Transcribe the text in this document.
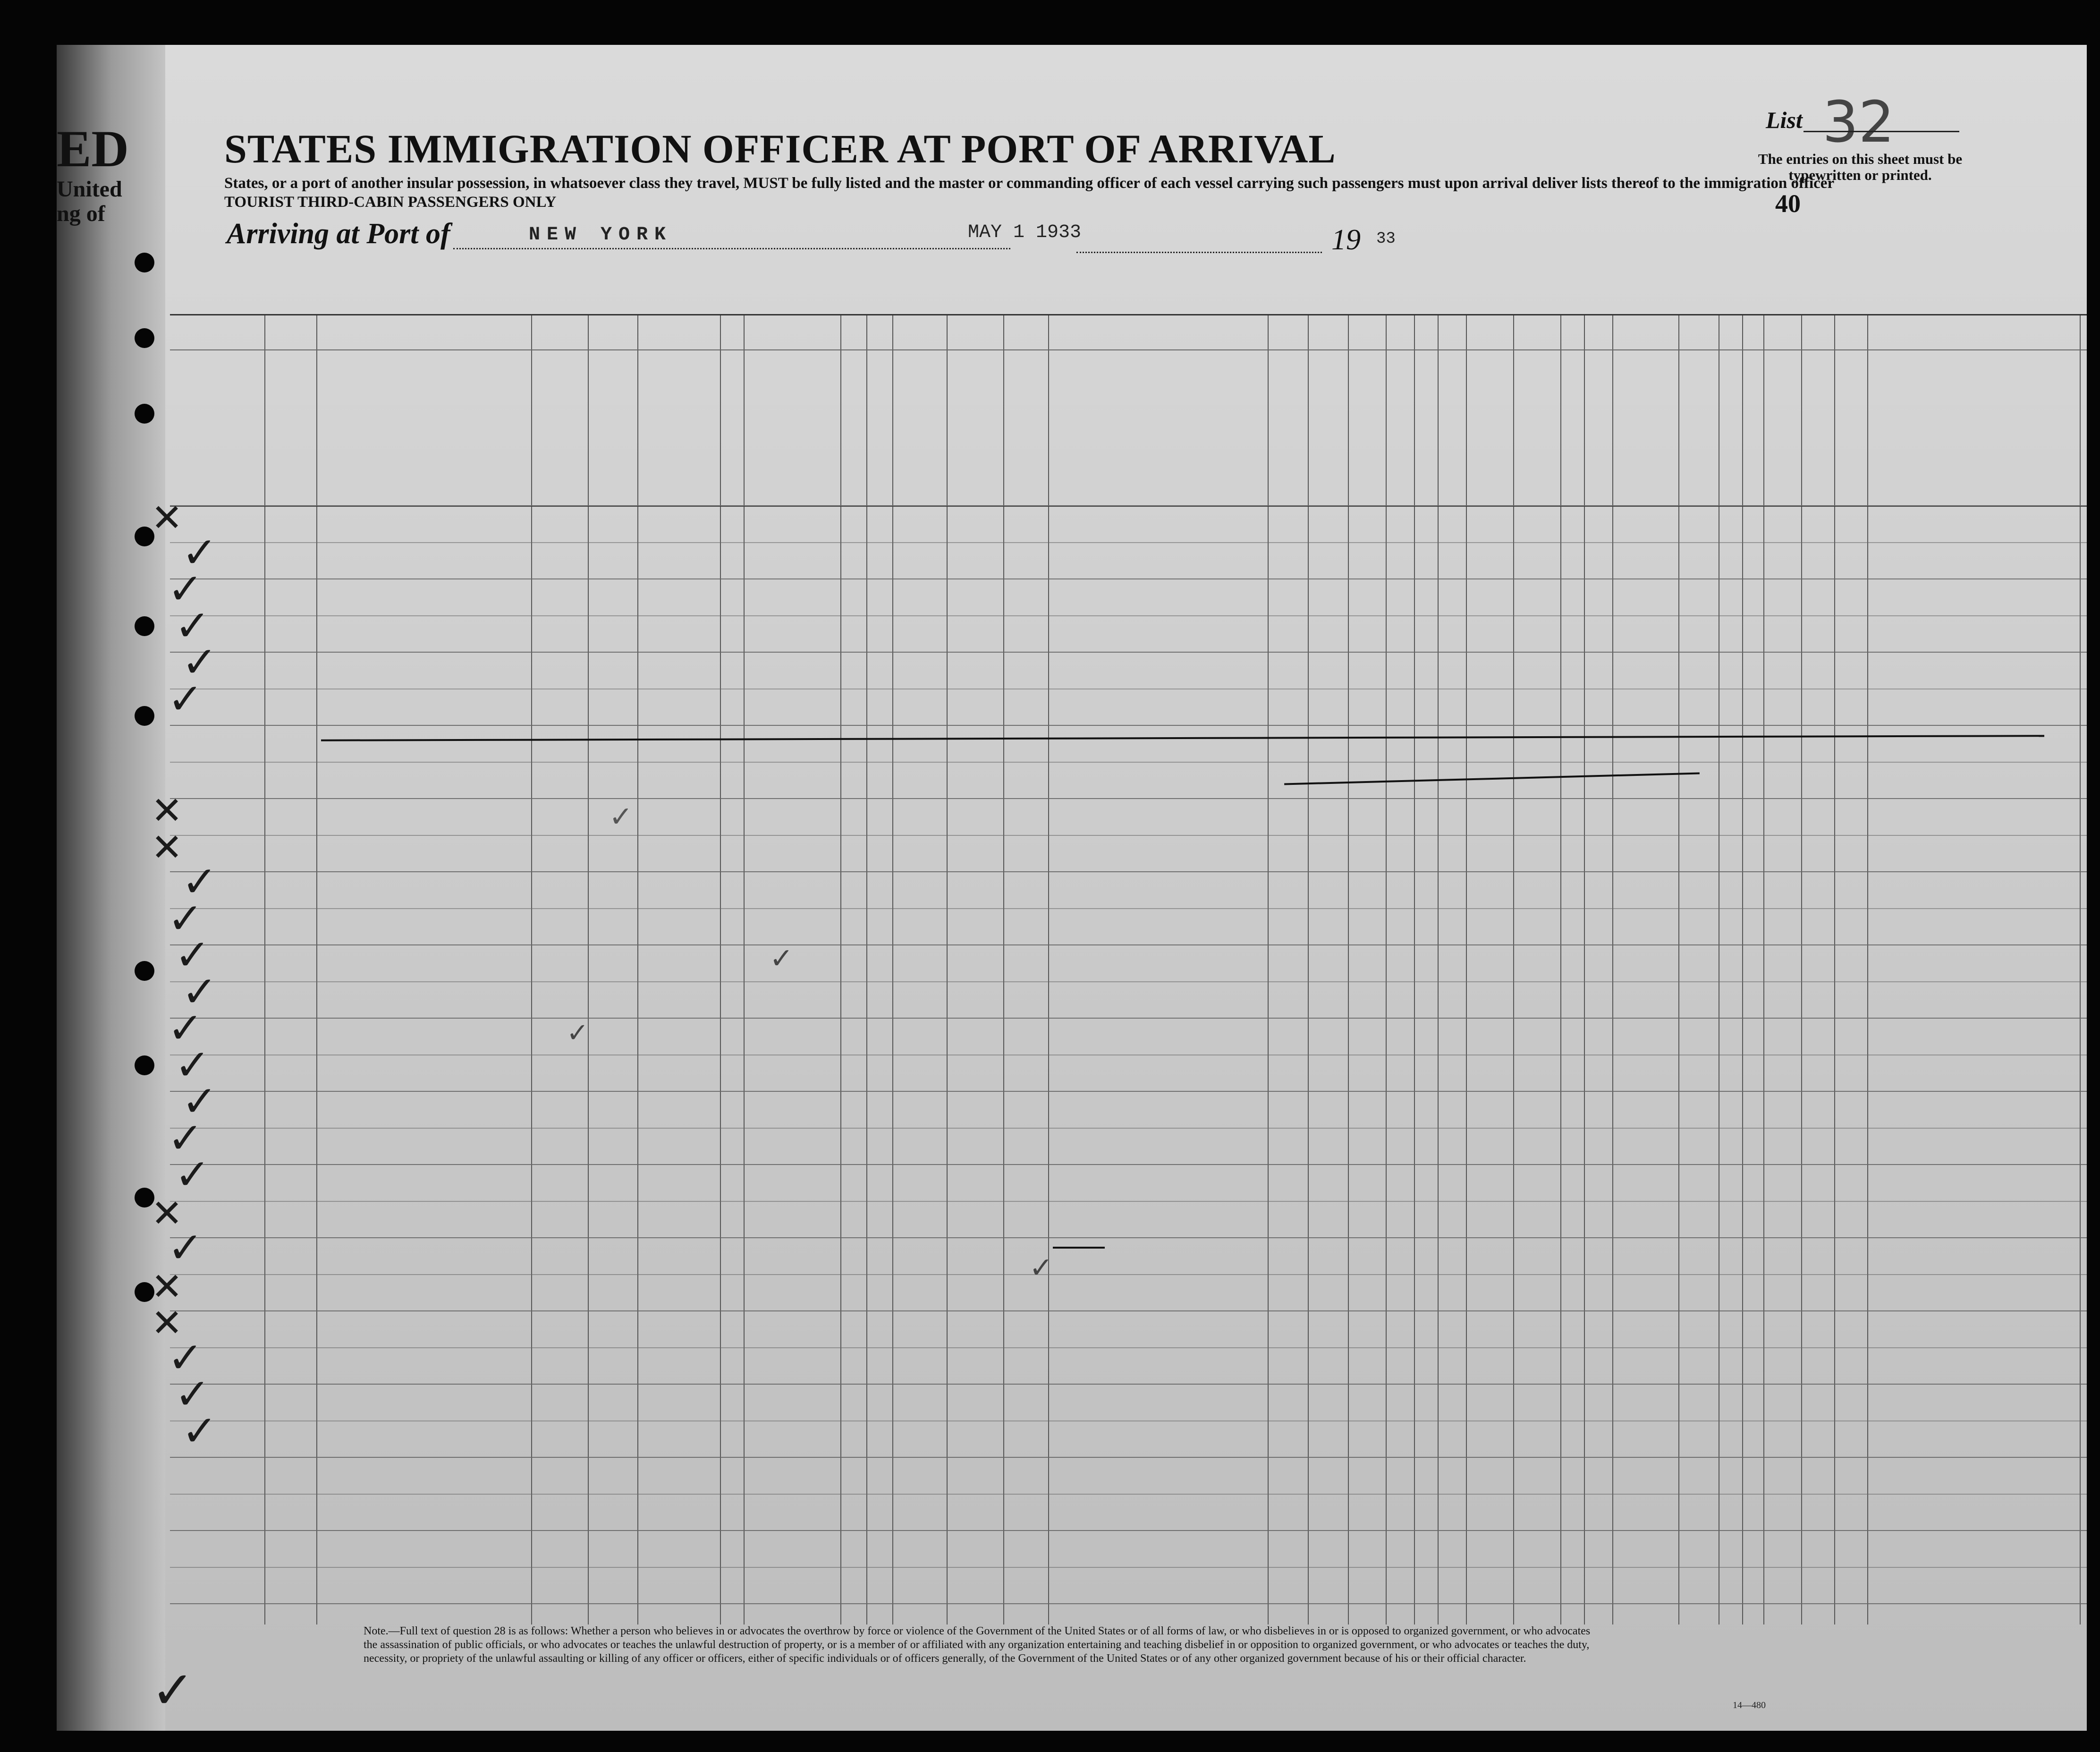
ED
United
ng of
STATES IMMIGRATION OFFICER AT PORT OF ARRIVAL
States, or a port of another insular possession, in whatsoever class they travel, MUST be fully listed and the master or commanding officer of each vessel carrying such passengers must upon arrival deliver lists thereof to the immigration officer
TOURIST THIRD-CABIN PASSENGERS ONLY
List 32
The entries on this sheet must be typewritten or printed.
40
Arriving at Port of	NEW YORK	MAY 1 1933	19 33
✓
✓
✓
✓
✓
✓
✓
✓
✓
✓
✓
✓
✓
✓
✓
✓
✓
✓
✕
✕
✕
✕
✕
✕
✓
✓
✓
✓
✓
Note.—Full text of question 28 is as follows: Whether a person who believes in or advocates the overthrow by force or violence of the Government of the United States or of all forms of law, or who disbelieves in or is opposed to organized government, or who advocates the assassination of public officials, or who advocates or teaches the unlawful destruction of property, or is a member of or affiliated with any organization entertaining and teaching disbelief in or opposition to organized government, or who advocates or teaches the duty, necessity, or propriety of the unlawful assaulting or killing of any officer or officers, either of specific individuals or of officers generally, of the Government of the United States or of any other organized government because of his or their official character.
14—480
